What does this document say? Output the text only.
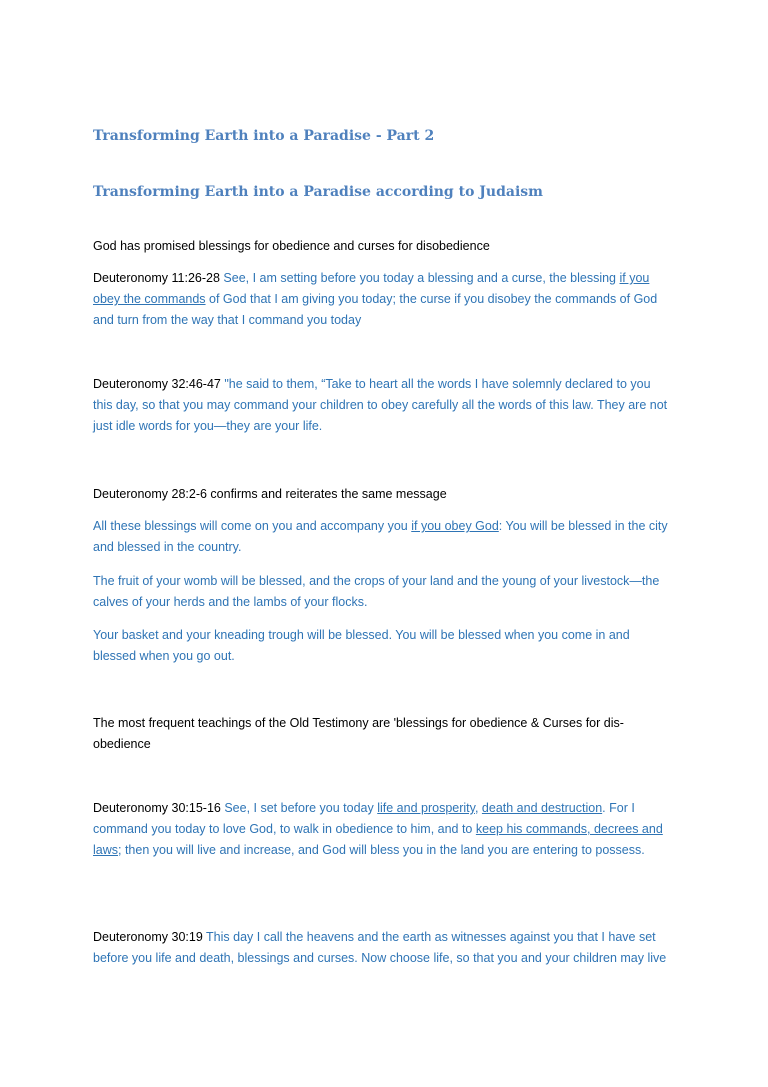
Transforming Earth into a Paradise - Part 2
Transforming Earth into a Paradise according to Judaism
God has promised blessings for obedience and curses for disobedience
Deuteronomy 11:26-28 See, I am setting before you today a blessing and a curse, the blessing if you obey the commands of God that I am giving you today; the curse if you disobey the commands of God and turn from the way that I command you today
Deuteronomy 32:46-47 "he said to them, “Take to heart all the words I have solemnly declared to you this day, so that you may command your children to obey carefully all the words of this law. They are not just idle words for you—they are your life.
Deuteronomy 28:2-6 confirms and reiterates the same message
All these blessings will come on you and accompany you if you obey God: You will be blessed in the city and blessed in the country.
The fruit of your womb will be blessed, and the crops of your land and the young of your livestock—the calves of your herds and the lambs of your flocks.
Your basket and your kneading trough will be blessed. You will be blessed when you come in and blessed when you go out.
The most frequent teachings of the Old Testimony are 'blessings for obedience & Curses for dis-obedience
Deuteronomy 30:15-16 See, I set before you today life and prosperity, death and destruction. For I command you today to love God, to walk in obedience to him, and to keep his commands, decrees and laws; then you will live and increase, and God will bless you in the land you are entering to possess.
Deuteronomy 30:19 This day I call the heavens and the earth as witnesses against you that I have set before you life and death, blessings and curses. Now choose life, so that you and your children may live
